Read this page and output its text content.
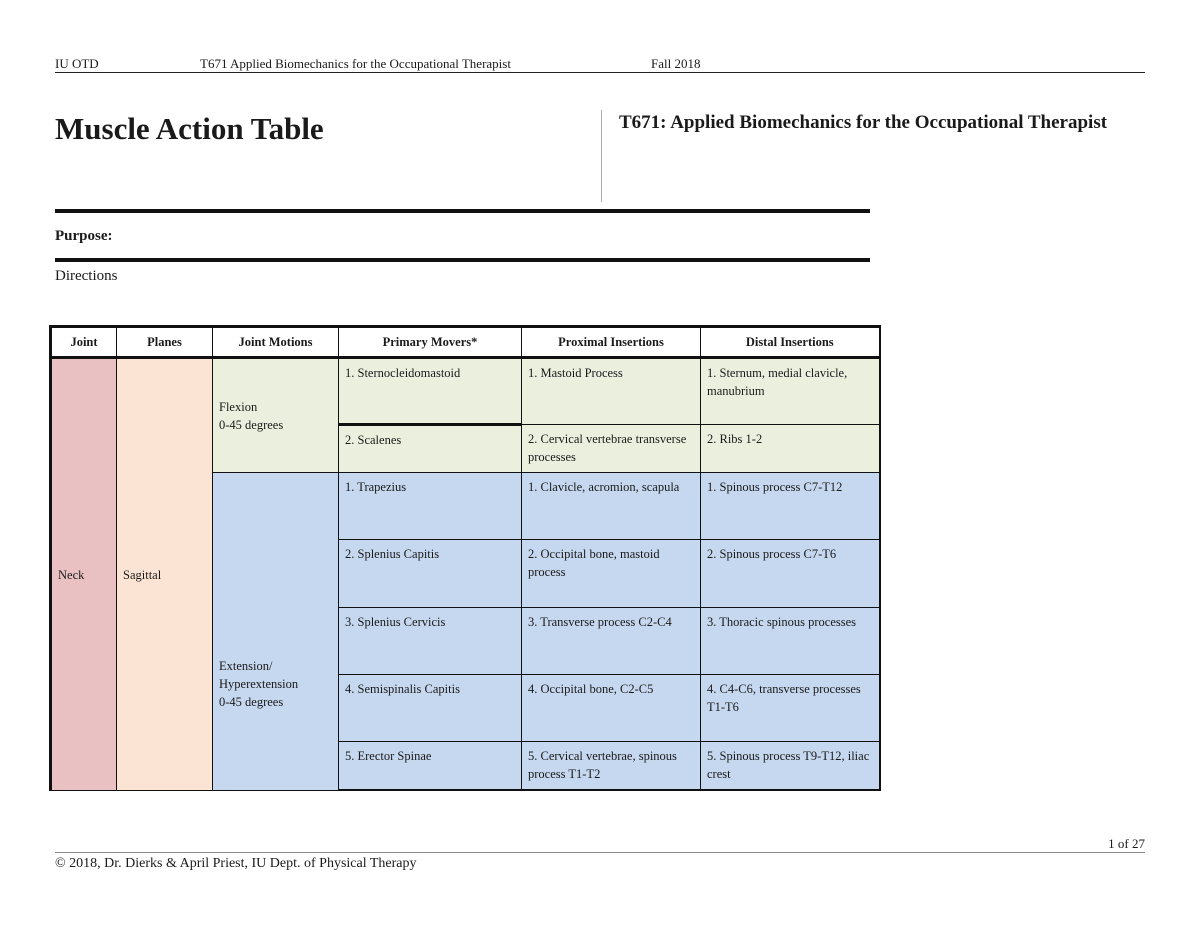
IU OTD	T671 Applied Biomechanics for the Occupational Therapist	Fall 2018
Muscle Action Table	T671: Applied Biomechanics for the Occupational Therapist
Purpose:
Directions
Joint	Planes	Joint Motions	Primary Movers*	Proximal Insertions	Distal Insertions
Neck	Sagittal	Flexion
0-45 degrees	1. Sternocleidomastoid	1. Mastoid Process	1. Sternum, medial clavicle, manubrium
			2. Scalenes	2. Cervical vertebrae transverse processes	2. Ribs 1-2
		Extension/
Hyperextension
0-45 degrees	1. Trapezius	1. Clavicle, acromion, scapula	1. Spinous process C7-T12
			2. Splenius Capitis	2. Occipital bone, mastoid process	2. Spinous process C7-T6
			3. Splenius Cervicis	3. Transverse process C2-C4	3. Thoracic spinous processes
			4. Semispinalis Capitis	4. Occipital bone, C2-C5	4. C4-C6, transverse processes T1-T6
			5. Erector Spinae	5. Cervical vertebrae, spinous process T1-T2	5. Spinous process T9-T12, iliac crest
1 of 27
© 2018, Dr. Dierks & April Priest, IU Dept. of Physical Therapy
